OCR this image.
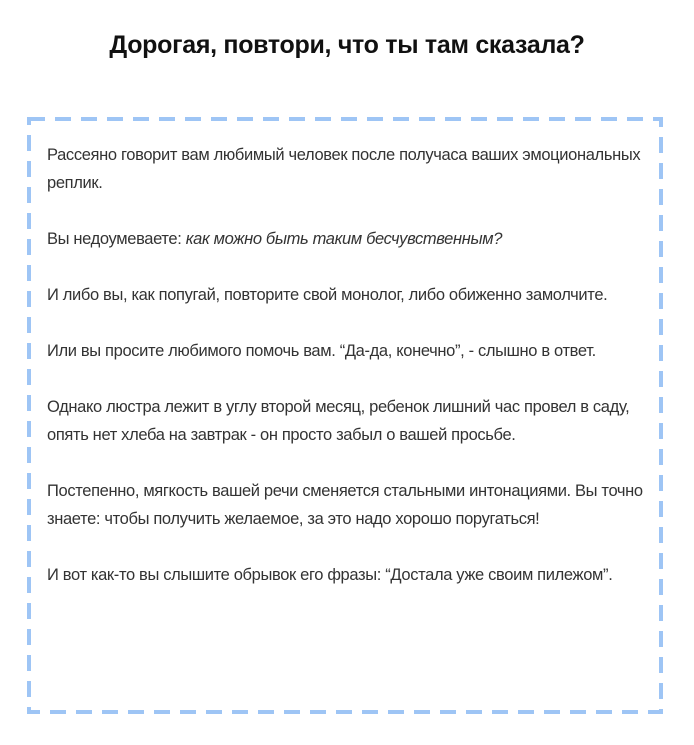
Дорогая, повтори, что ты там сказала?

Рассеяно говорит вам любимый человек после получаса ваших эмоциональных реплик.

Вы недоумеваете: как можно быть таким бесчувственным?

И либо вы, как попугай, повторите свой монолог, либо обиженно замолчите.

Или вы просите любимого помочь вам. “Да-да, конечно”, - слышно в ответ.

Однако люстра лежит в углу второй месяц, ребенок лишний час провел в саду, опять нет хлеба на завтрак - он просто забыл о вашей просьбе.

Постепенно, мягкость вашей речи сменяется стальными интонациями. Вы точно знаете: чтобы получить желаемое, за это надо хорошо поругаться!

И вот как-то вы слышите обрывок его фразы: “Достала уже своим пилежом”.
